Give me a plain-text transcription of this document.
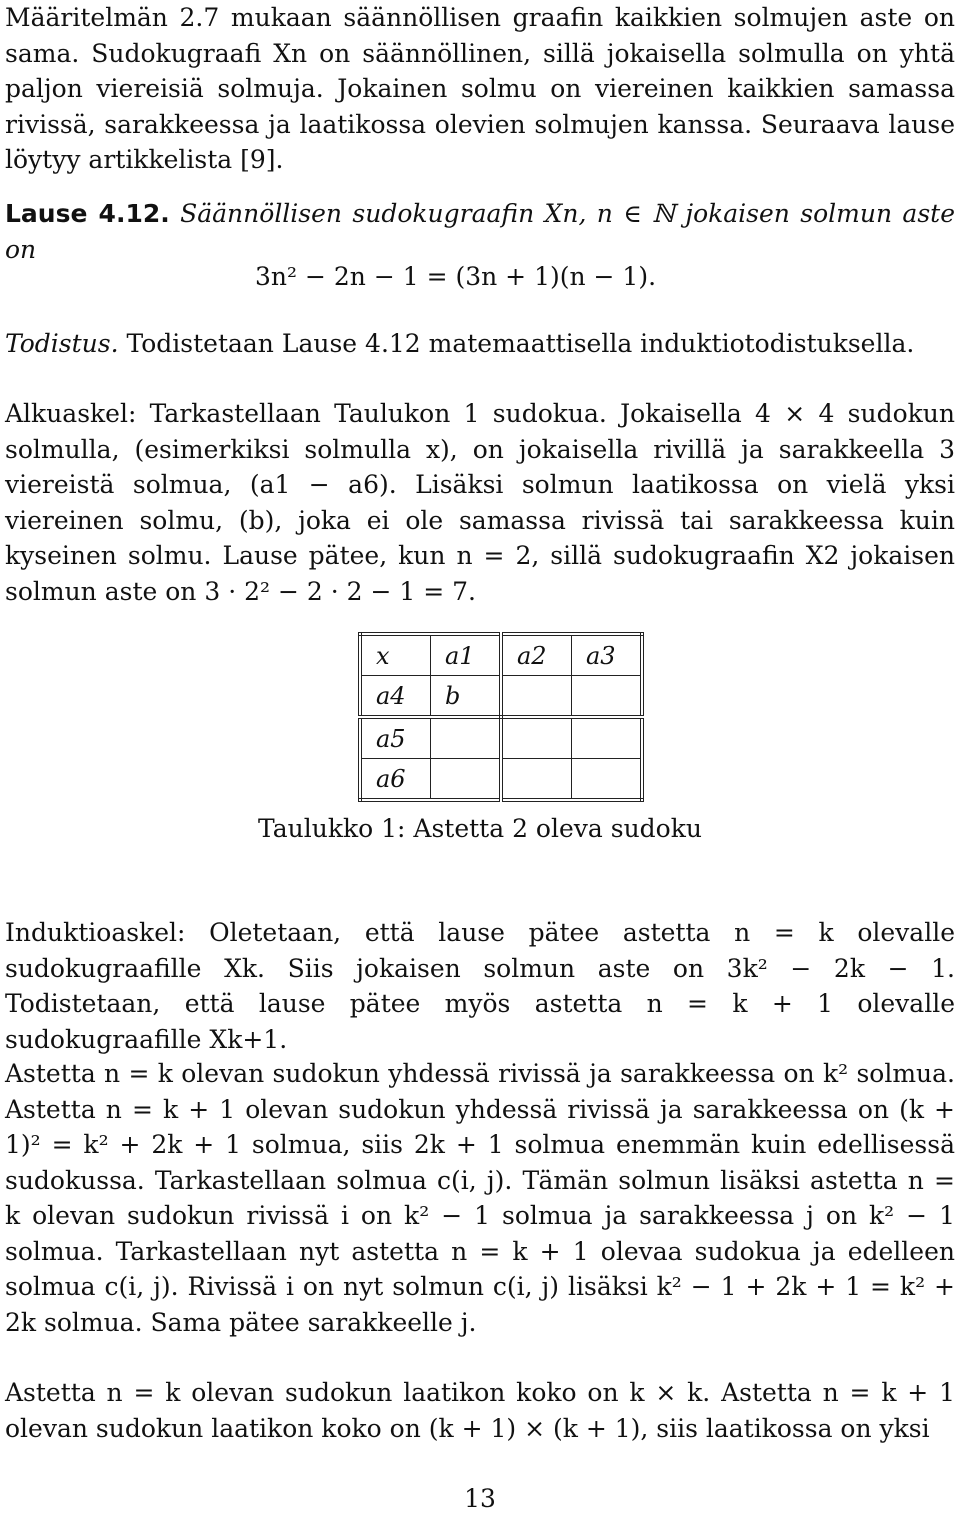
Määritelmän 2.7 mukaan säännöllisen graafin kaikkien solmujen aste on sama. Sudokugraafi Xn on säännöllinen, sillä jokaisella solmulla on yhtä paljon viereisiä solmuja. Jokainen solmu on viereinen kaikkien samassa rivissä, sarakkeessa ja laatikossa olevien solmujen kanssa. Seuraava lause löytyy artikkelista [9].

Lause 4.12. Säännöllisen sudokugraafin Xn, n ∈ ℕ jokaisen solmun aste on

3n² − 2n − 1 = (3n + 1)(n − 1).

Todistus. Todistetaan Lause 4.12 matemaattisella induktiotodistuksella.

Alkuaskel: Tarkastellaan Taulukon 1 sudokua. Jokaisella 4 × 4 sudokun solmulla, (esimerkiksi solmulla x), on jokaisella rivillä ja sarakkeella 3 viereistä solmua, (a1 − a6). Lisäksi solmun laatikossa on vielä yksi viereinen solmu, (b), joka ei ole samassa rivissä tai sarakkeessa kuin kyseinen solmu. Lause pätee, kun n = 2, sillä sudokugraafin X2 jokaisen solmun aste on 3 · 2² − 2 · 2 − 1 = 7.

x	a1	a2	a3
a4	b		
a5			
a6			
Taulukko 1: Astetta 2 oleva sudoku

Induktioaskel: Oletetaan, että lause pätee astetta n = k olevalle sudokugraafille Xk. Siis jokaisen solmun aste on 3k² − 2k − 1. Todistetaan, että lause pätee myös astetta n = k + 1 olevalle sudokugraafille Xk+1.

Astetta n = k olevan sudokun yhdessä rivissä ja sarakkeessa on k² solmua. Astetta n = k + 1 olevan sudokun yhdessä rivissä ja sarakkeessa on (k + 1)² = k² + 2k + 1 solmua, siis 2k + 1 solmua enemmän kuin edellisessä sudokussa. Tarkastellaan solmua c(i, j). Tämän solmun lisäksi astetta n = k olevan sudokun rivissä i on k² − 1 solmua ja sarakkeessa j on k² − 1 solmua. Tarkastellaan nyt astetta n = k + 1 olevaa sudokua ja edelleen solmua c(i, j). Rivissä i on nyt solmun c(i, j) lisäksi k² − 1 + 2k + 1 = k² + 2k solmua. Sama pätee sarakkeelle j.

Astetta n = k olevan sudokun laatikon koko on k × k. Astetta n = k + 1 olevan sudokun laatikon koko on (k + 1) × (k + 1), siis laatikossa on yksi

13
